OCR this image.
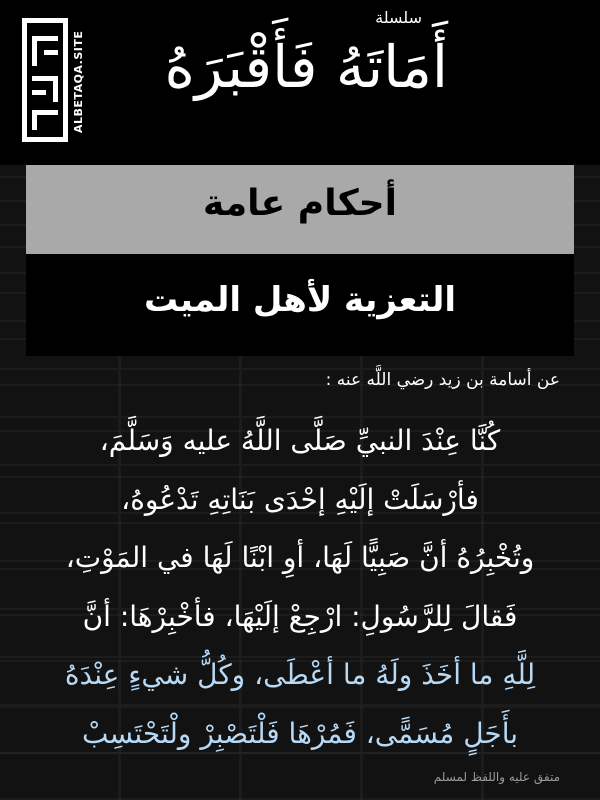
ALBETAQA.SITE
سلسلة
أَمَاتَهُ فَأَقْبَرَهُ
أحكام عامة
التعزية لأهل الميت
عن أسامة بن زيد رضي اللَّه عنه :
كُنَّا عِنْدَ النبيِّ صَلَّى اللَّهُ عليه وَسَلَّمَ،
فأرْسَلَتْ إلَيْهِ إحْدَى بَنَاتِهِ تَدْعُوهُ،
وتُخْبِرُهُ أنَّ صَبِيًّا لَهَا، أوِ ابْنًا لَهَا في المَوْتِ،
فَقالَ لِلرَّسُولِ: ارْجِعْ إلَيْهَا، فأخْبِرْهَا: أنَّ
لِلَّهِ ما أخَذَ ولَهُ ما أعْطَى، وكُلُّ شيءٍ عِنْدَهُ
بأَجَلٍ مُسَمًّى، فَمُرْهَا فَلْتَصْبِرْ ولْتَحْتَسِبْ
متفق عليه واللفظ لمسلم
